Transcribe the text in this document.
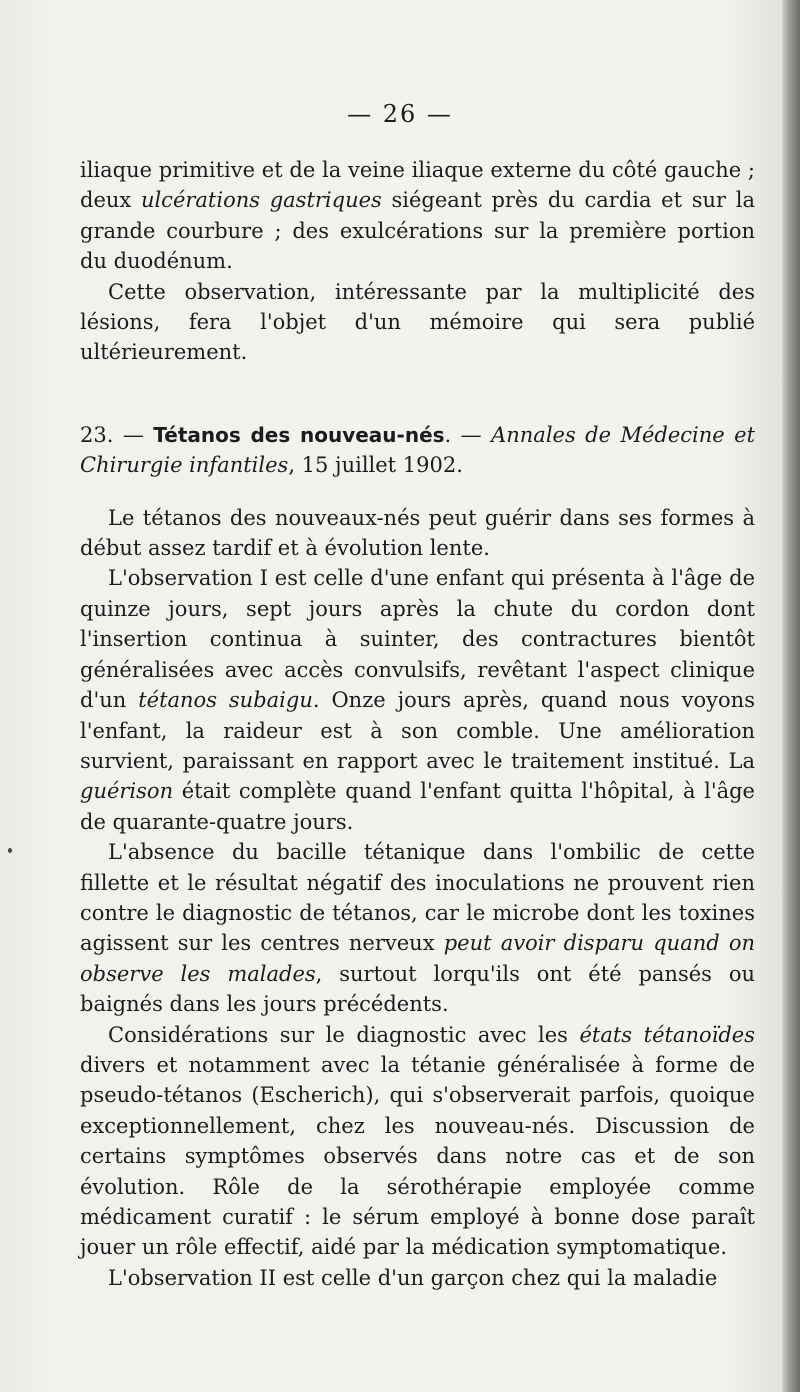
— 26 —

iliaque primitive et de la veine iliaque externe du côté gauche ; deux ulcérations gastriques siégeant près du cardia et sur la grande courbure ; des exulcérations sur la première portion du duodénum.

Cette observation, intéressante par la multiplicité des lésions, fera l'objet d'un mémoire qui sera publié ultérieurement.

23. — Tétanos des nouveau-nés. — Annales de Médecine et Chirurgie infantiles, 15 juillet 1902.

Le tétanos des nouveaux-nés peut guérir dans ses formes à début assez tardif et à évolution lente.

L'observation I est celle d'une enfant qui présenta à l'âge de quinze jours, sept jours après la chute du cordon dont l'insertion continua à suinter, des contractures bientôt généralisées avec accès convulsifs, revêtant l'aspect clinique d'un tétanos subaigu. Onze jours après, quand nous voyons l'enfant, la raideur est à son comble. Une amélioration survient, paraissant en rapport avec le traitement institué. La guérison était complète quand l'enfant quitta l'hôpital, à l'âge de quarante-quatre jours.

L'absence du bacille tétanique dans l'ombilic de cette fillette et le résultat négatif des inoculations ne prouvent rien contre le diagnostic de tétanos, car le microbe dont les toxines agissent sur les centres nerveux peut avoir disparu quand on observe les malades, surtout lorqu'ils ont été pansés ou baignés dans les jours précédents.

Considérations sur le diagnostic avec les états tétanoïdes divers et notamment avec la tétanie généralisée à forme de pseudo-tétanos (Escherich), qui s'observerait parfois, quoique exceptionnellement, chez les nouveau-nés. Discussion de certains symptômes observés dans notre cas et de son évolution. Rôle de la sérothérapie employée comme médicament curatif : le sérum employé à bonne dose paraît jouer un rôle effectif, aidé par la médication symptomatique.

L'observation II est celle d'un garçon chez qui la maladie
